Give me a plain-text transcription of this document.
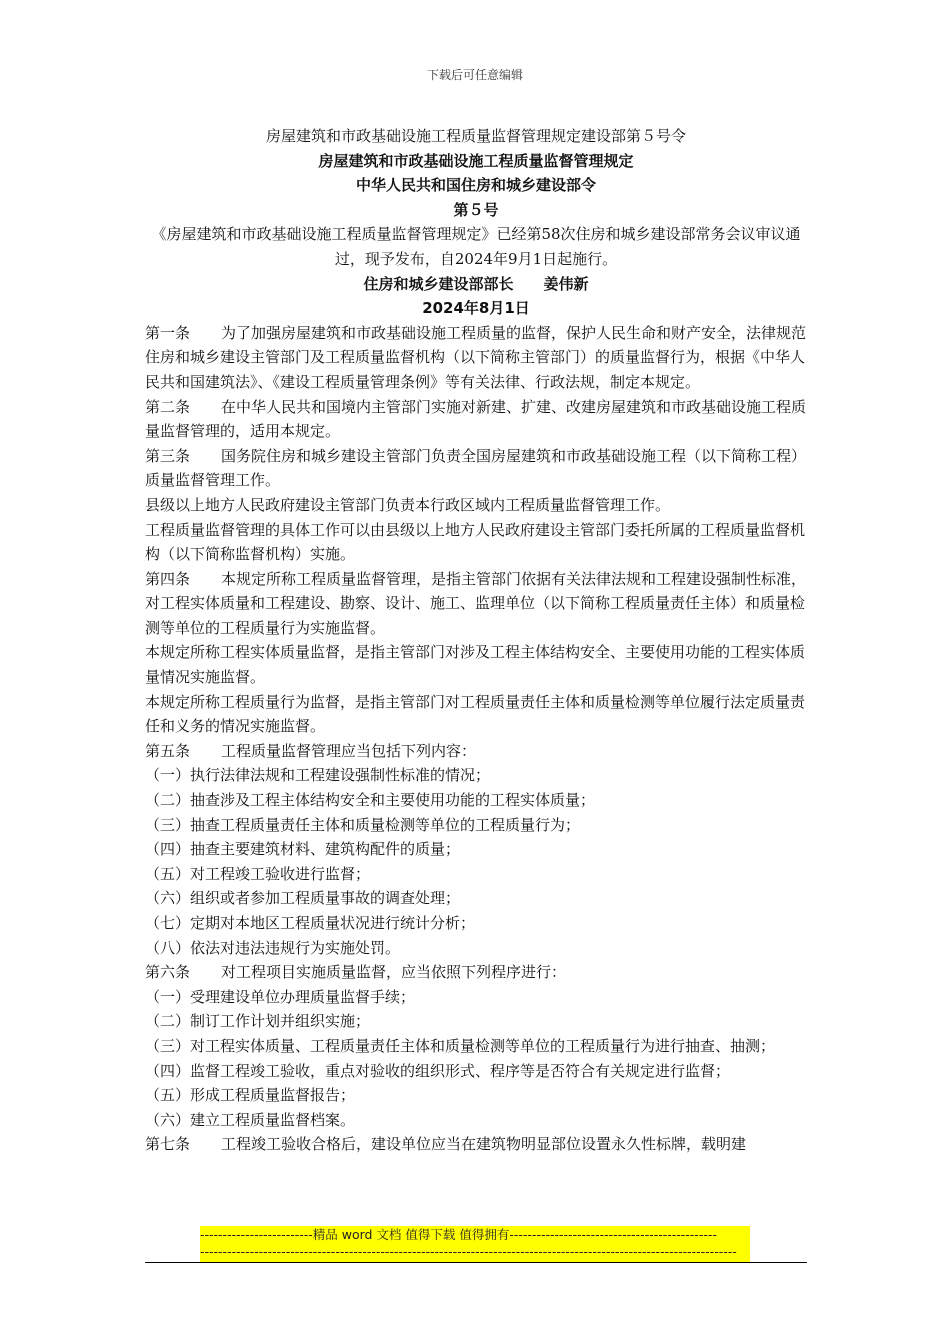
下载后可任意编辑
房屋建筑和市政基础设施工程质量监督管理规定建设部第５号令
房屋建筑和市政基础设施工程质量监督管理规定
中华人民共和国住房和城乡建设部令
第５号
《房屋建筑和市政基础设施工程质量监督管理规定》已经第58次住房和城乡建设部常务会议审议通过，现予发布，自2024年9月1日起施行。
住房和城乡建设部部长　　姜伟新
2024年8月1日

第一条 为了加强房屋建筑和市政基础设施工程质量的监督，保护人民生命和财产安全，法律规范住房和城乡建设主管部门及工程质量监督机构（以下简称主管部门）的质量监督行为，根据《中华人民共和国建筑法》、《建设工程质量管理条例》等有关法律、行政法规，制定本规定。

第二条 在中华人民共和国境内主管部门实施对新建、扩建、改建房屋建筑和市政基础设施工程质量监督管理的，适用本规定。

第三条 国务院住房和城乡建设主管部门负责全国房屋建筑和市政基础设施工程（以下简称工程）质量监督管理工作。

县级以上地方人民政府建设主管部门负责本行政区域内工程质量监督管理工作。

工程质量监督管理的具体工作可以由县级以上地方人民政府建设主管部门委托所属的工程质量监督机构（以下简称监督机构）实施。

第四条 本规定所称工程质量监督管理，是指主管部门依据有关法律法规和工程建设强制性标准，对工程实体质量和工程建设、勘察、设计、施工、监理单位（以下简称工程质量责任主体）和质量检测等单位的工程质量行为实施监督。

本规定所称工程实体质量监督，是指主管部门对涉及工程主体结构安全、主要使用功能的工程实体质量情况实施监督。

本规定所称工程质量行为监督，是指主管部门对工程质量责任主体和质量检测等单位履行法定质量责任和义务的情况实施监督。

第五条 工程质量监督管理应当包括下列内容：

（一）执行法律法规和工程建设强制性标准的情况；

（二）抽查涉及工程主体结构安全和主要使用功能的工程实体质量；

（三）抽查工程质量责任主体和质量检测等单位的工程质量行为；

（四）抽查主要建筑材料、建筑构配件的质量；

（五）对工程竣工验收进行监督；

（六）组织或者参加工程质量事故的调查处理；

（七）定期对本地区工程质量状况进行统计分析；

（八）依法对违法违规行为实施处罚。

第六条 对工程项目实施质量监督，应当依照下列程序进行：

（一）受理建设单位办理质量监督手续；

（二）制订工作计划并组织实施；

（三）对工程实体质量、工程质量责任主体和质量检测等单位的工程质量行为进行抽查、抽测；

（四）监督工程竣工验收，重点对验收的组织形式、程序等是否符合有关规定进行监督；

（五）形成工程质量监督报告；

（六）建立工程质量监督档案。

第七条 工程竣工验收合格后，建设单位应当在建筑物明显部位设置永久性标牌，载明建

-------------------------精品 word 文档 值得下载 值得拥有----------------------------------------------
-----------------------------------------------------------------------------------------------------------------------
